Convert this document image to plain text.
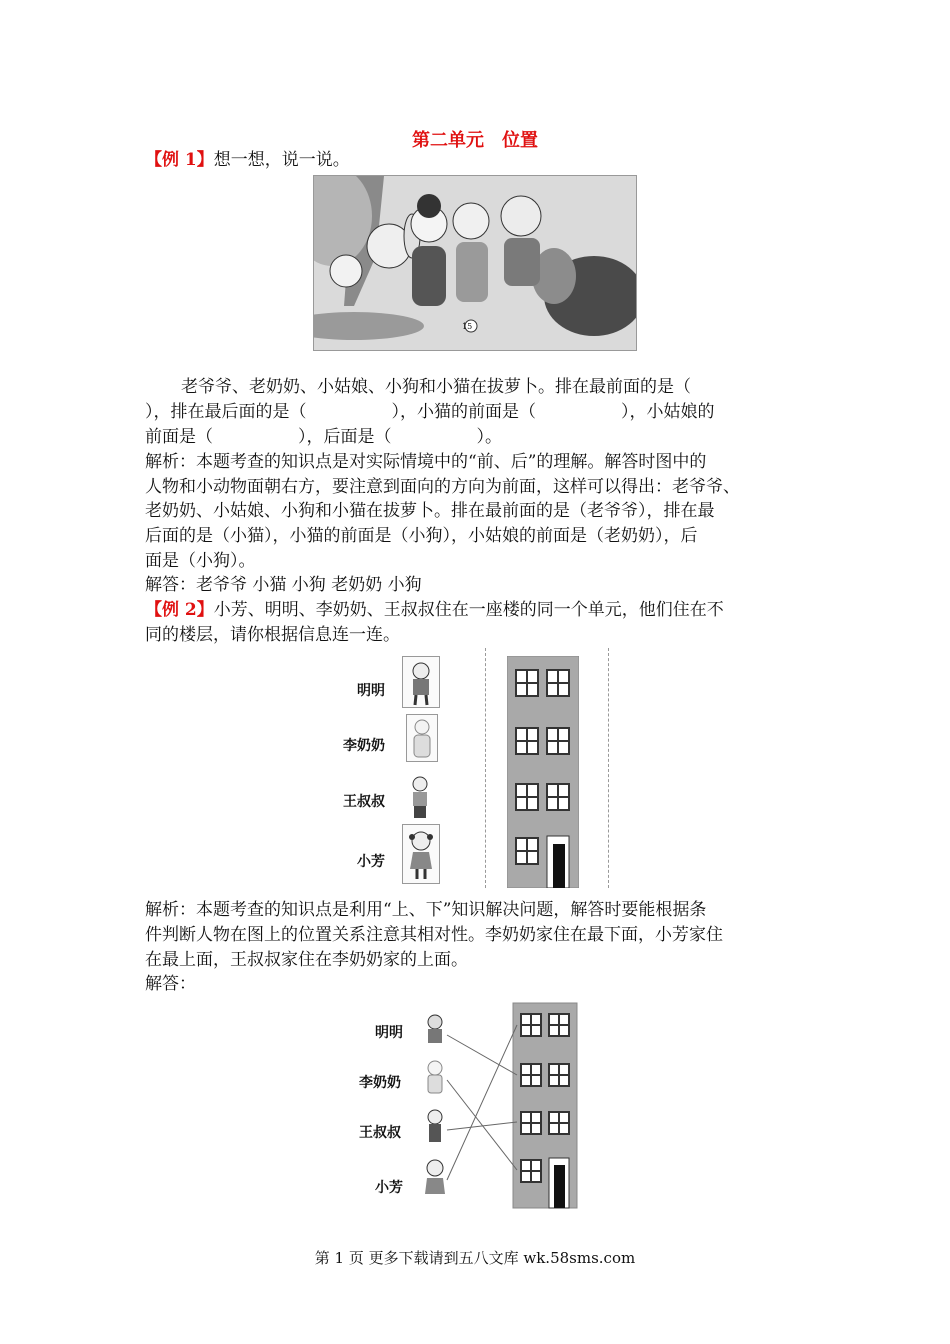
第二单元　位置
【例 1】想一想，说一说。
15
老爷爷、老奶奶、小姑娘、小狗和小猫在拔萝卜。排在最前面的是（
），排在最后面的是（　　　　　），小猫的前面是（　　　　　），小姑娘的
前面是（　　　　　），后面是（　　　　　）。
解析：本题考查的知识点是对实际情境中的“前、后”的理解。解答时图中的
人物和小动物面朝右方，要注意到面向的方向为前面，这样可以得出：老爷爷、
老奶奶、小姑娘、小狗和小猫在拔萝卜。排在最前面的是（老爷爷），排在最
后面的是（小猫），小猫的前面是（小狗），小姑娘的前面是（老奶奶），后
面是（小狗）。
解答：老爷爷 小猫 小狗 老奶奶 小狗
【例 2】小芳、明明、李奶奶、王叔叔住在一座楼的同一个单元，他们住在不
同的楼层，请你根据信息连一连。
明明
李奶奶
王叔叔
小芳
解析：本题考查的知识点是利用“上、下”知识解决问题，解答时要能根据条
件判断人物在图上的位置关系注意其相对性。李奶奶家住在最下面，小芳家住
在最上面，王叔叔家住在李奶奶家的上面。
解答：
明明
李奶奶
王叔叔
小芳
第 1 页 更多下载请到五八文库 wk.58sms.com
